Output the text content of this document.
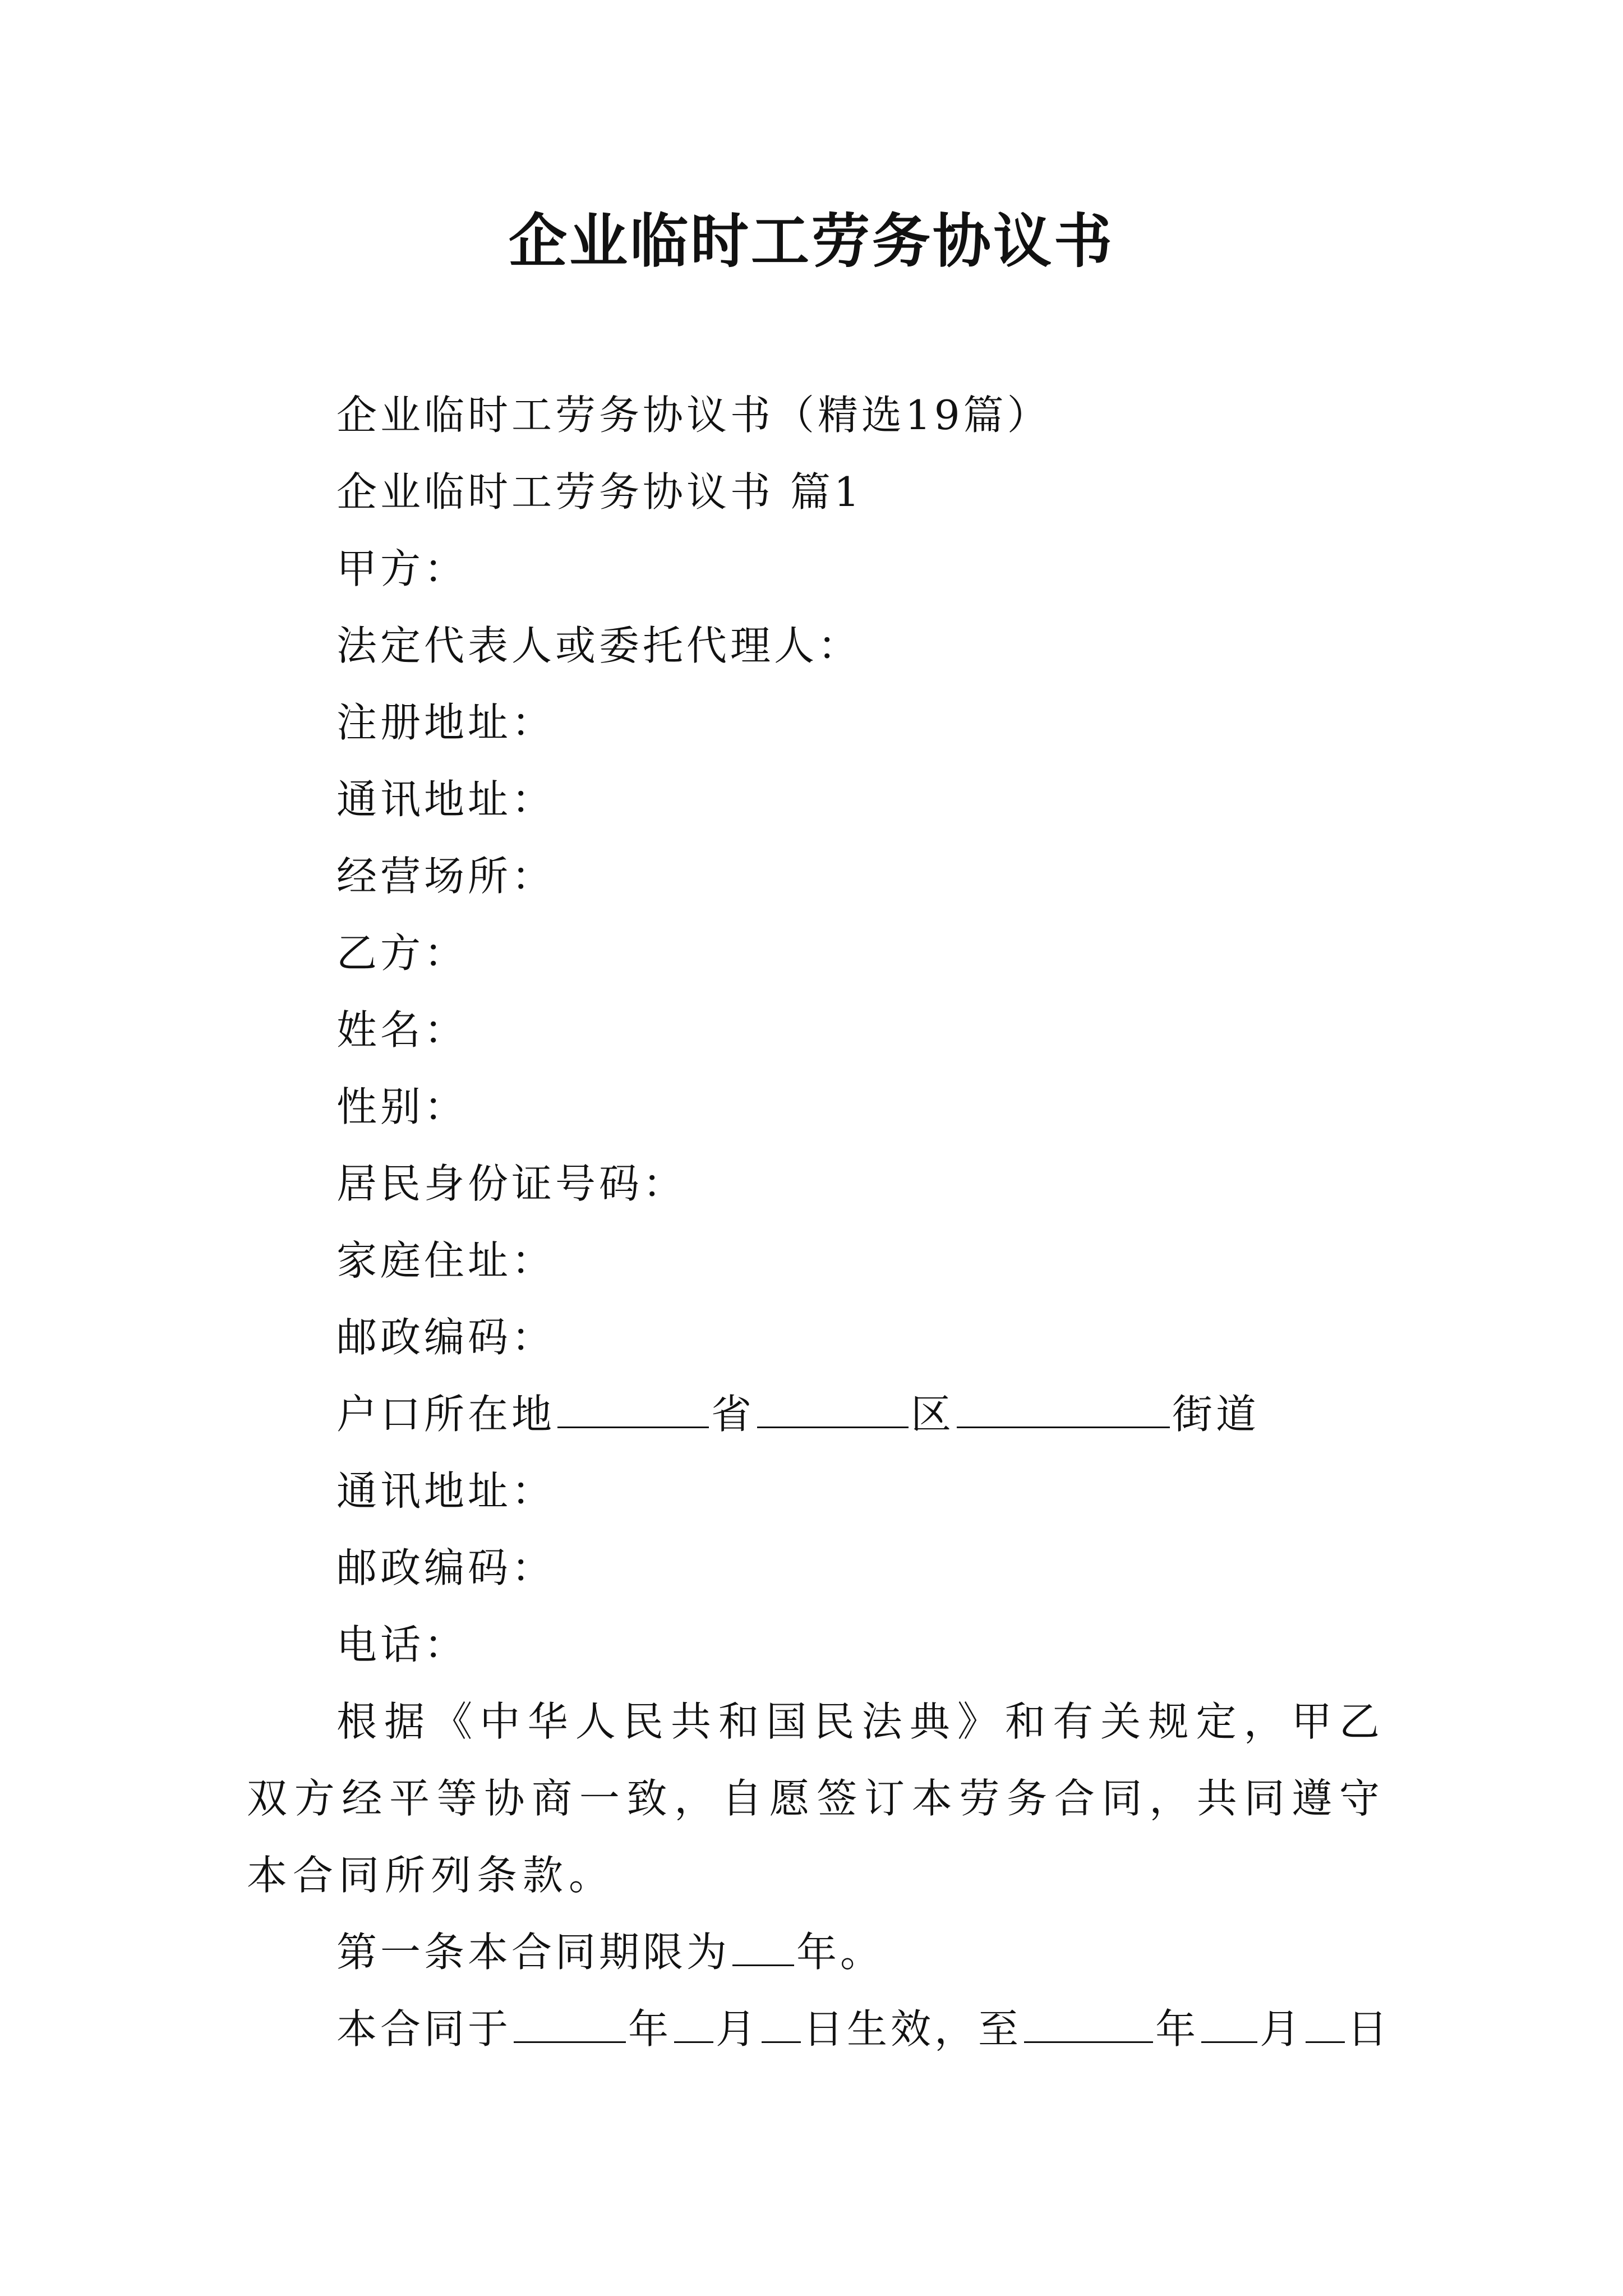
企业临时工劳务协议书
企业临时工劳务协议书（精选19篇）
企业临时工劳务协议书 篇1
甲方：
法定代表人或委托代理人：
注册地址：
通讯地址：
经营场所：
乙方：
姓名：
性别：
居民身份证号码：
家庭住址：
邮政编码：
户口所在地	省	区	街道
通讯地址：
邮政编码：
电话：
根据《中华人民共和国民法典》和有关规定，甲乙双方经平等协商一致，自愿签订本劳务合同，共同遵守本合同所列条款。
第一条本合同期限为 年。
本合同于	年 月 日生效，至	年 月 日
